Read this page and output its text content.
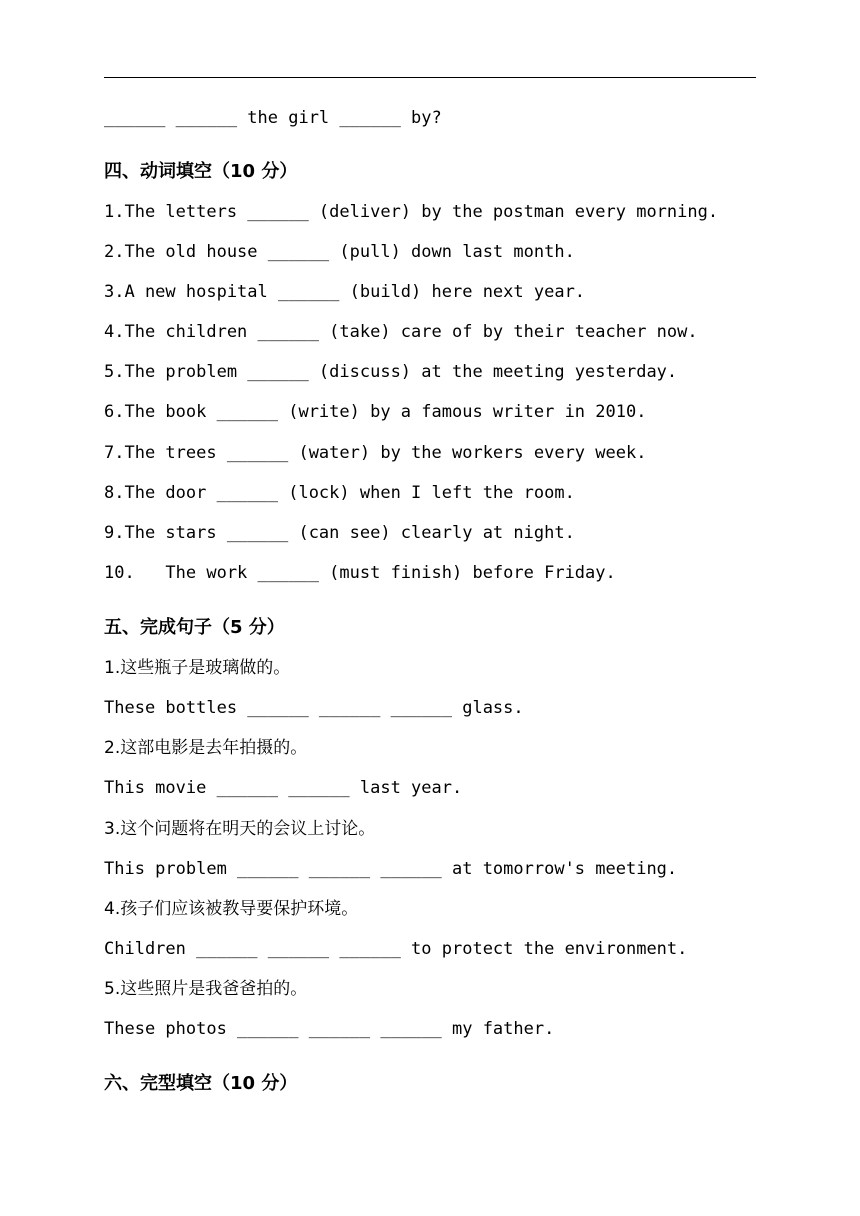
______ ______ the girl ______ by?
四、动词填空（10 分）
1.The letters ______ (deliver) by the postman every morning.
2.The old house ______ (pull) down last month.
3.A new hospital ______ (build) here next year.
4.The children ______ (take) care of by their teacher now.
5.The problem ______ (discuss) at the meeting yesterday.
6.The book ______ (write) by a famous writer in 2010.
7.The trees ______ (water) by the workers every week.
8.The door ______ (lock) when I left the room.
9.The stars ______ (can see) clearly at night.
10.   The work ______ (must finish) before Friday.
五、完成句子（5 分）
1.这些瓶子是玻璃做的。
These bottles ______ ______ ______ glass.
2.这部电影是去年拍摄的。
This movie ______ ______ last year.
3.这个问题将在明天的会议上讨论。
This problem ______ ______ ______ at tomorrow's meeting.
4.孩子们应该被教导要保护环境。
Children ______ ______ ______ to protect the environment.
5.这些照片是我爸爸拍的。
These photos ______ ______ ______ my father.
六、完型填空（10 分）
